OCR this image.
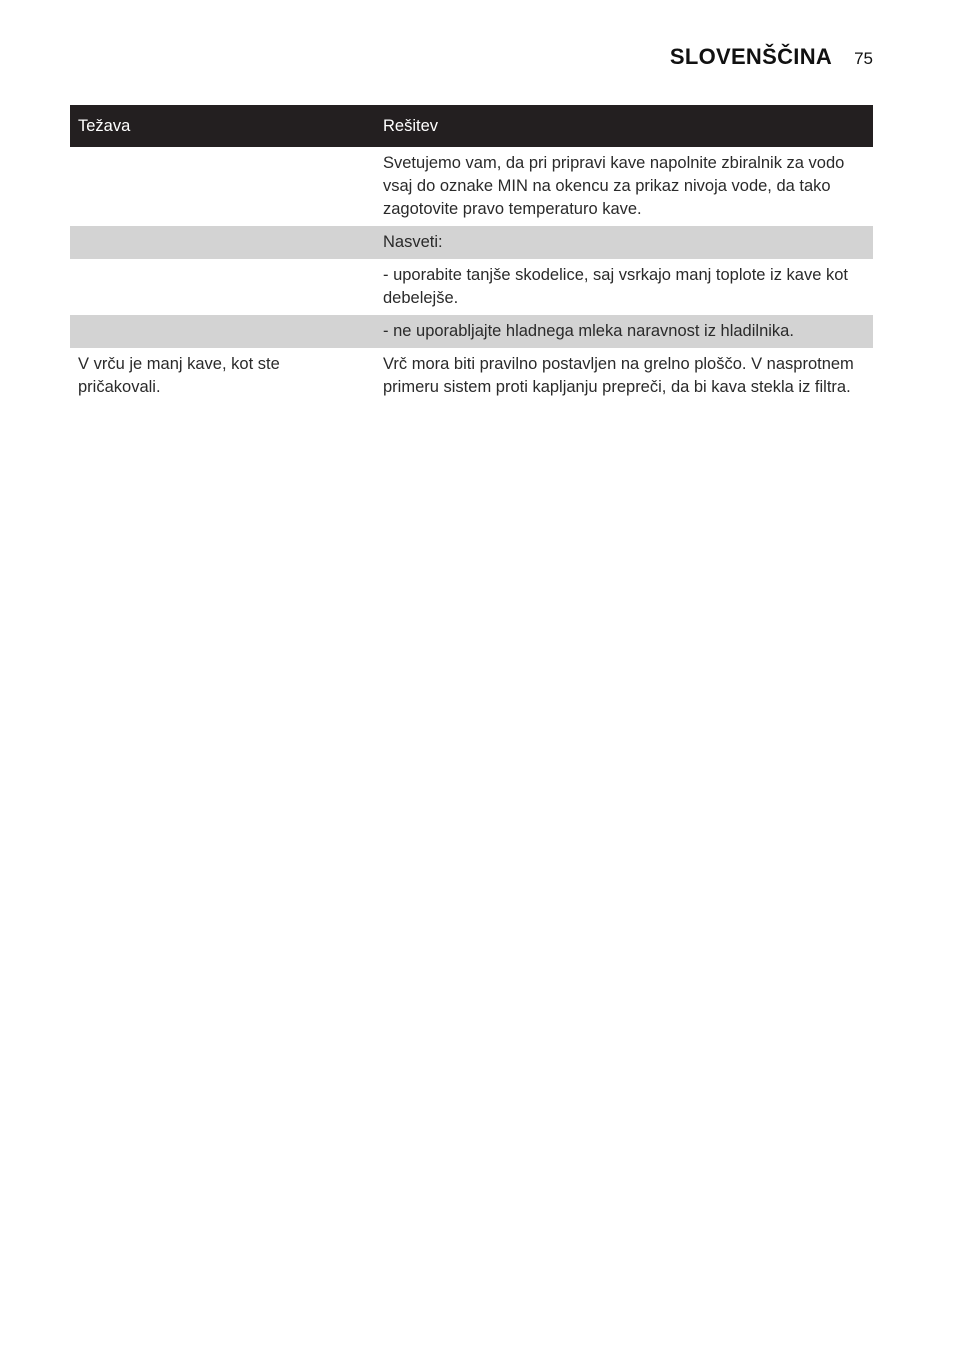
SLOVENŠČINA 75
Težava	Rešitev
	Svetujemo vam, da pri pripravi kave napolnite zbiralnik za vodo vsaj do oznake MIN na okencu za prikaz nivoja vode, da tako zagotovite pravo temperaturo kave.
	Nasveti:
	- uporabite tanjše skodelice, saj vsrkajo manj toplote iz kave kot debelejše.
	- ne uporabljajte hladnega mleka naravnost iz hladilnika.
V vrču je manj kave, kot ste pričakovali.	Vrč mora biti pravilno postavljen na grelno ploščo. V nasprotnem primeru sistem proti kapljanju prepreči, da bi kava stekla iz filtra.
